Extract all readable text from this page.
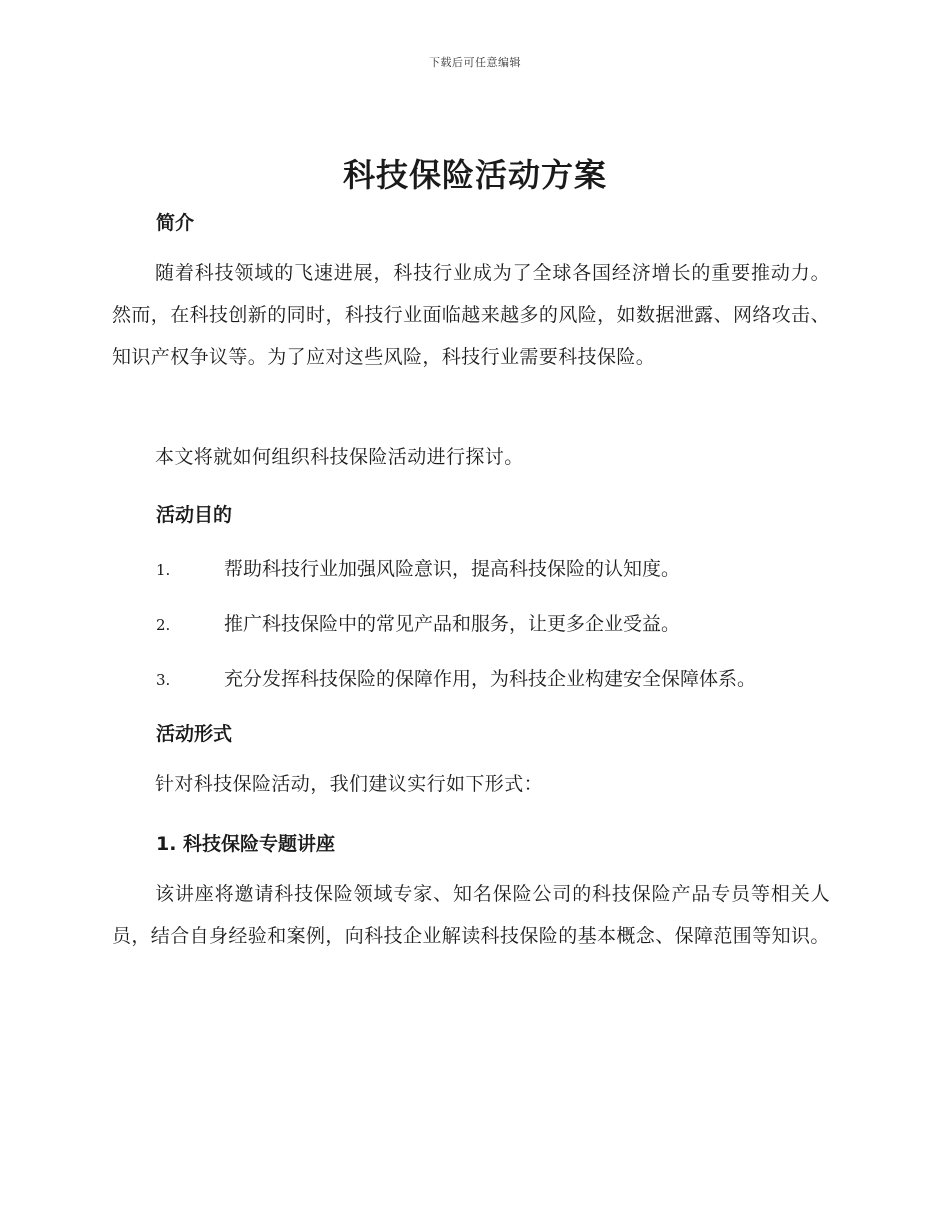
下载后可任意编辑
科技保险活动方案
简介

随着科技领域的飞速进展，科技行业成为了全球各国经济增长的重要推动力。然而，在科技创新的同时，科技行业面临越来越多的风险，如数据泄露、网络攻击、知识产权争议等。为了应对这些风险，科技行业需要科技保险。

本文将就如何组织科技保险活动进行探讨。

活动目的
1.	帮助科技行业加强风险意识，提高科技保险的认知度。
2.	推广科技保险中的常见产品和服务，让更多企业受益。
3.	充分发挥科技保险的保障作用，为科技企业构建安全保障体系。
活动形式

针对科技保险活动，我们建议实行如下形式：

1. 科技保险专题讲座

该讲座将邀请科技保险领域专家、知名保险公司的科技保险产品专员等相关人员，结合自身经验和案例，向科技企业解读科技保险的基本概念、保障范围等知识。
